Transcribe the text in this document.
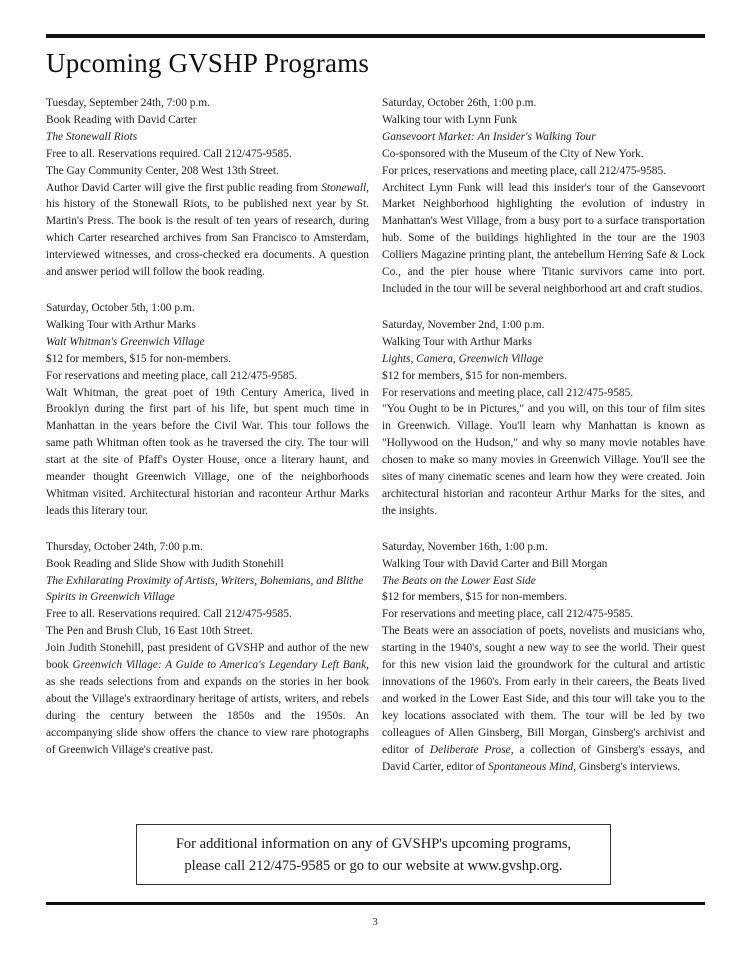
Upcoming GVSHP Programs
Tuesday, September 24th, 7:00 p.m.
Book Reading with David Carter
The Stonewall Riots
Free to all. Reservations required. Call 212/475-9585.
The Gay Community Center, 208 West 13th Street.
Author David Carter will give the first public reading from Stonewall, his history of the Stonewall Riots, to be published next year by St. Martin's Press. The book is the result of ten years of research, during which Carter researched archives from San Francisco to Amsterdam, interviewed witnesses, and cross-checked era documents. A question and answer period will follow the book reading.
Saturday, October 5th, 1:00 p.m.
Walking Tour with Arthur Marks
Walt Whitman's Greenwich Village
$12 for members, $15 for non-members.
For reservations and meeting place, call 212/475-9585.
Walt Whitman, the great poet of 19th Century America, lived in Brooklyn during the first part of his life, but spent much time in Manhattan in the years before the Civil War. This tour follows the same path Whitman often took as he traversed the city. The tour will start at the site of Pfaff's Oyster House, once a literary haunt, and meander thought Greenwich Village, one of the neighborhoods Whitman visited. Architectural historian and raconteur Arthur Marks leads this literary tour.
Thursday, October 24th, 7:00 p.m.
Book Reading and Slide Show with Judith Stonehill
The Exhilarating Proximity of Artists, Writers, Bohemians, and Blithe Spirits in Greenwich Village
Free to all. Reservations required. Call 212/475-9585.
The Pen and Brush Club, 16 East 10th Street.
Join Judith Stonehill, past president of GVSHP and author of the new book Greenwich Village: A Guide to America's Legendary Left Bank, as she reads selections from and expands on the stories in her book about the Village's extraordinary heritage of artists, writers, and rebels during the century between the 1850s and the 1950s. An accompanying slide show offers the chance to view rare photographs of Greenwich Village's creative past.
Saturday, October 26th, 1:00 p.m.
Walking tour with Lynn Funk
Gansevoort Market: An Insider's Walking Tour
Co-sponsored with the Museum of the City of New York.
For prices, reservations and meeting place, call 212/475-9585.
Architect Lynn Funk will lead this insider's tour of the Gansevoort Market Neighborhood highlighting the evolution of industry in Manhattan's West Village, from a busy port to a surface transportation hub. Some of the buildings highlighted in the tour are the 1903 Colliers Magazine printing plant, the antebellum Herring Safe & Lock Co., and the pier house where Titanic survivors came into port. Included in the tour will be several neighborhood art and craft studios.
Saturday, November 2nd, 1:00 p.m.
Walking Tour with Arthur Marks
Lights, Camera, Greenwich Village
$12 for members, $15 for non-members.
For reservations and meeting place, call 212/475-9585.
"You Ought to be in Pictures," and you will, on this tour of film sites in Greenwich. Village. You'll learn why Manhattan is known as "Hollywood on the Hudson," and why so many movie notables have chosen to make so many movies in Greenwich Village. You'll see the sites of many cinematic scenes and learn how they were created. Join architectural historian and raconteur Arthur Marks for the sites, and the insights.
Saturday, November 16th, 1:00 p.m.
Walking Tour with David Carter and Bill Morgan
The Beats on the Lower East Side
$12 for members, $15 for non-members.
For reservations and meeting place, call 212/475-9585.
The Beats were an association of poets, novelists and musicians who, starting in the 1940's, sought a new way to see the world. Their quest for this new vision laid the groundwork for the cultural and artistic innovations of the 1960's. From early in their careers, the Beats lived and worked in the Lower East Side, and this tour will take you to the key locations associated with them. The tour will be led by two colleagues of Allen Ginsberg, Bill Morgan, Ginsberg's archivist and editor of Deliberate Prose, a collection of Ginsberg's essays, and David Carter, editor of Spontaneous Mind, Ginsberg's interviews.
For additional information on any of GVSHP's upcoming programs,
please call 212/475-9585 or go to our website at www.gvshp.org.
3
